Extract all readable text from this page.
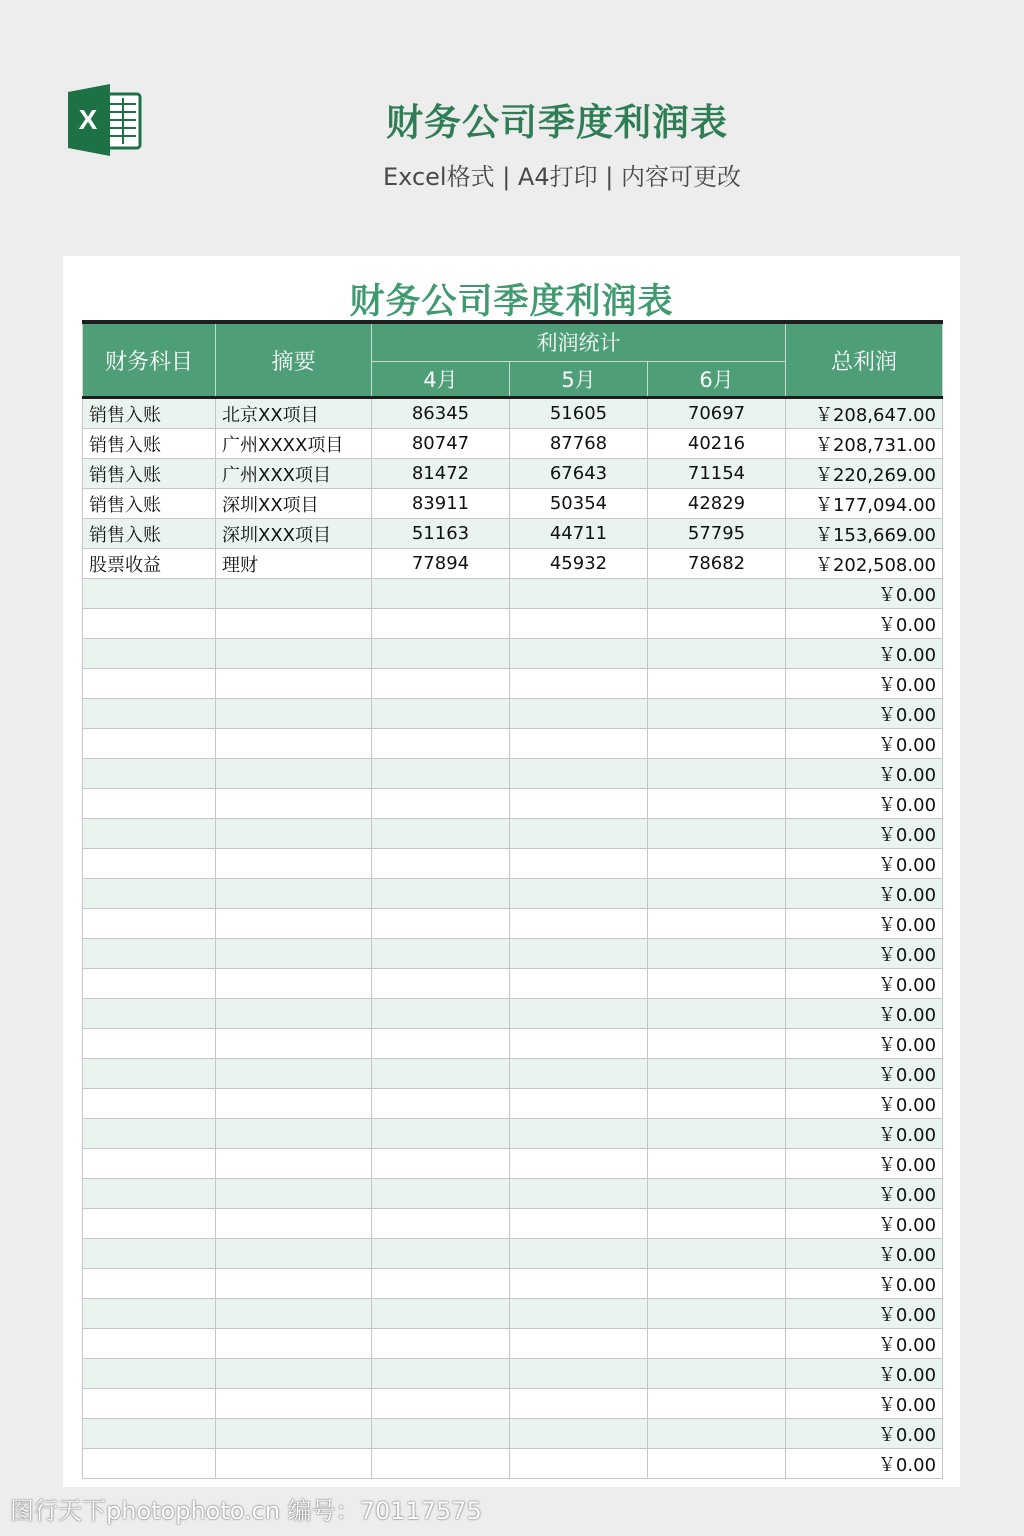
X	财务公司季度利润表
Excel格式 | A4打印 | 内容可更改
财务公司季度利润表
财务科目	摘要	利润统计			总利润
		4月	5月	6月	
销售入账	北京XX项目	86345	51605	70697	￥208,647.00
销售入账	广州XXXX项目	80747	87768	40216	￥208,731.00
销售入账	广州XXX项目	81472	67643	71154	￥220,269.00
销售入账	深圳XX项目	83911	50354	42829	￥177,094.00
销售入账	深圳XXX项目	51163	44711	57795	￥153,669.00
股票收益	理财	77894	45932	78682	￥202,508.00
					￥0.00
					￥0.00
					￥0.00
					￥0.00
					￥0.00
					￥0.00
					￥0.00
					￥0.00
					￥0.00
					￥0.00
					￥0.00
					￥0.00
					￥0.00
					￥0.00
					￥0.00
					￥0.00
					￥0.00
					￥0.00
					￥0.00
					￥0.00
					￥0.00
					￥0.00
					￥0.00
					￥0.00
					￥0.00
					￥0.00
					￥0.00
					￥0.00
					￥0.00
					￥0.00
图行天下photophoto.cn 编号：70117575
